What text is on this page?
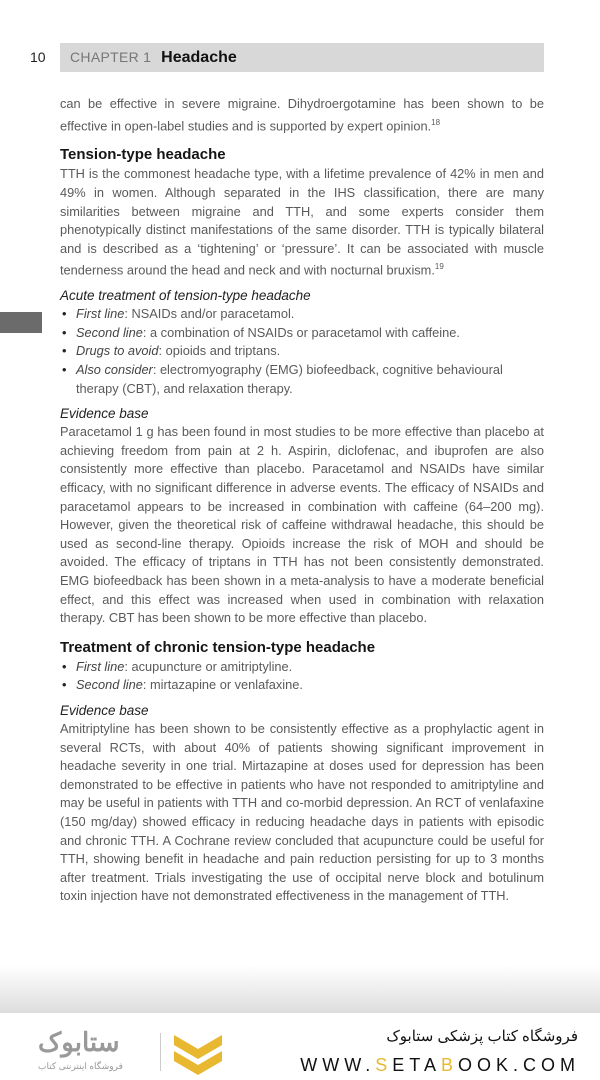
10	CHAPTER 1 Headache

can be effective in severe migraine. Dihydroergotamine has been shown to be effective in open-label studies and is supported by expert opinion.$^{18}$

Tension-type headache

TTH is the commonest headache type, with a lifetime prevalence of 42% in men and 49% in women. Although separated in the IHS classification, there are many similarities between migraine and TTH, and some experts consider them phenotypically distinct manifestations of the same disorder. TTH is typically bilateral and is described as a ‘tightening’ or ‘pressure’. It can be associated with muscle tenderness around the head and neck and with nocturnal bruxism.$^{19}$

Acute treatment of tension-type headache
• First line: NSAIDs and/or paracetamol.
• Second line: a combination of NSAIDs or paracetamol with caffeine.
• Drugs to avoid: opioids and triptans.
• Also consider: electromyography (EMG) biofeedback, cognitive behavioural therapy (CBT), and relaxation therapy.
Evidence base

Paracetamol 1 g has been found in most studies to be more effective than placebo at achieving freedom from pain at 2 h. Aspirin, diclofenac, and ibuprofen are also consistently more effective than placebo. Paracetamol and NSAIDs have similar efficacy, with no significant difference in adverse events. The efficacy of NSAIDs and paracetamol appears to be increased in combination with caffeine (64–200 mg). However, given the theoretical risk of caffeine withdrawal headache, this should be used as second-line therapy. Opioids increase the risk of MOH and should be avoided. The efficacy of triptans in TTH has not been consistently demonstrated. EMG biofeedback has been shown in a meta-analysis to have a moderate beneficial effect, and this effect was increased when used in combination with relaxation therapy. CBT has been shown to be more effective than placebo.

Treatment of chronic tension-type headache
• First line: acupuncture or amitriptyline.
• Second line: mirtazapine or venlafaxine.
Evidence base

Amitriptyline has been shown to be consistently effective as a prophylactic agent in several RCTs, with about 40% of patients showing significant improvement in headache severity in one trial. Mirtazapine at doses used for depression has been demonstrated to be effective in patients who have not responded to amitriptyline and may be useful in patients with TTH and co-morbid depression. An RCT of venlafaxine (150 mg/day) showed efficacy in reducing headache days in patients with episodic and chronic TTH. A Cochrane review concluded that acupuncture could be useful for TTH, showing benefit in headache and pain reduction persisting for up to 3 months after treatment. Trials investigating the use of occipital nerve block and botulinum toxin injection have not demonstrated effectiveness in the management of TTH.

ستابوک
فروشگاه اینترنتی کتاب
فروشگاه کتاب پزشکی ستابوک
WWW.SETABOOK.COM
